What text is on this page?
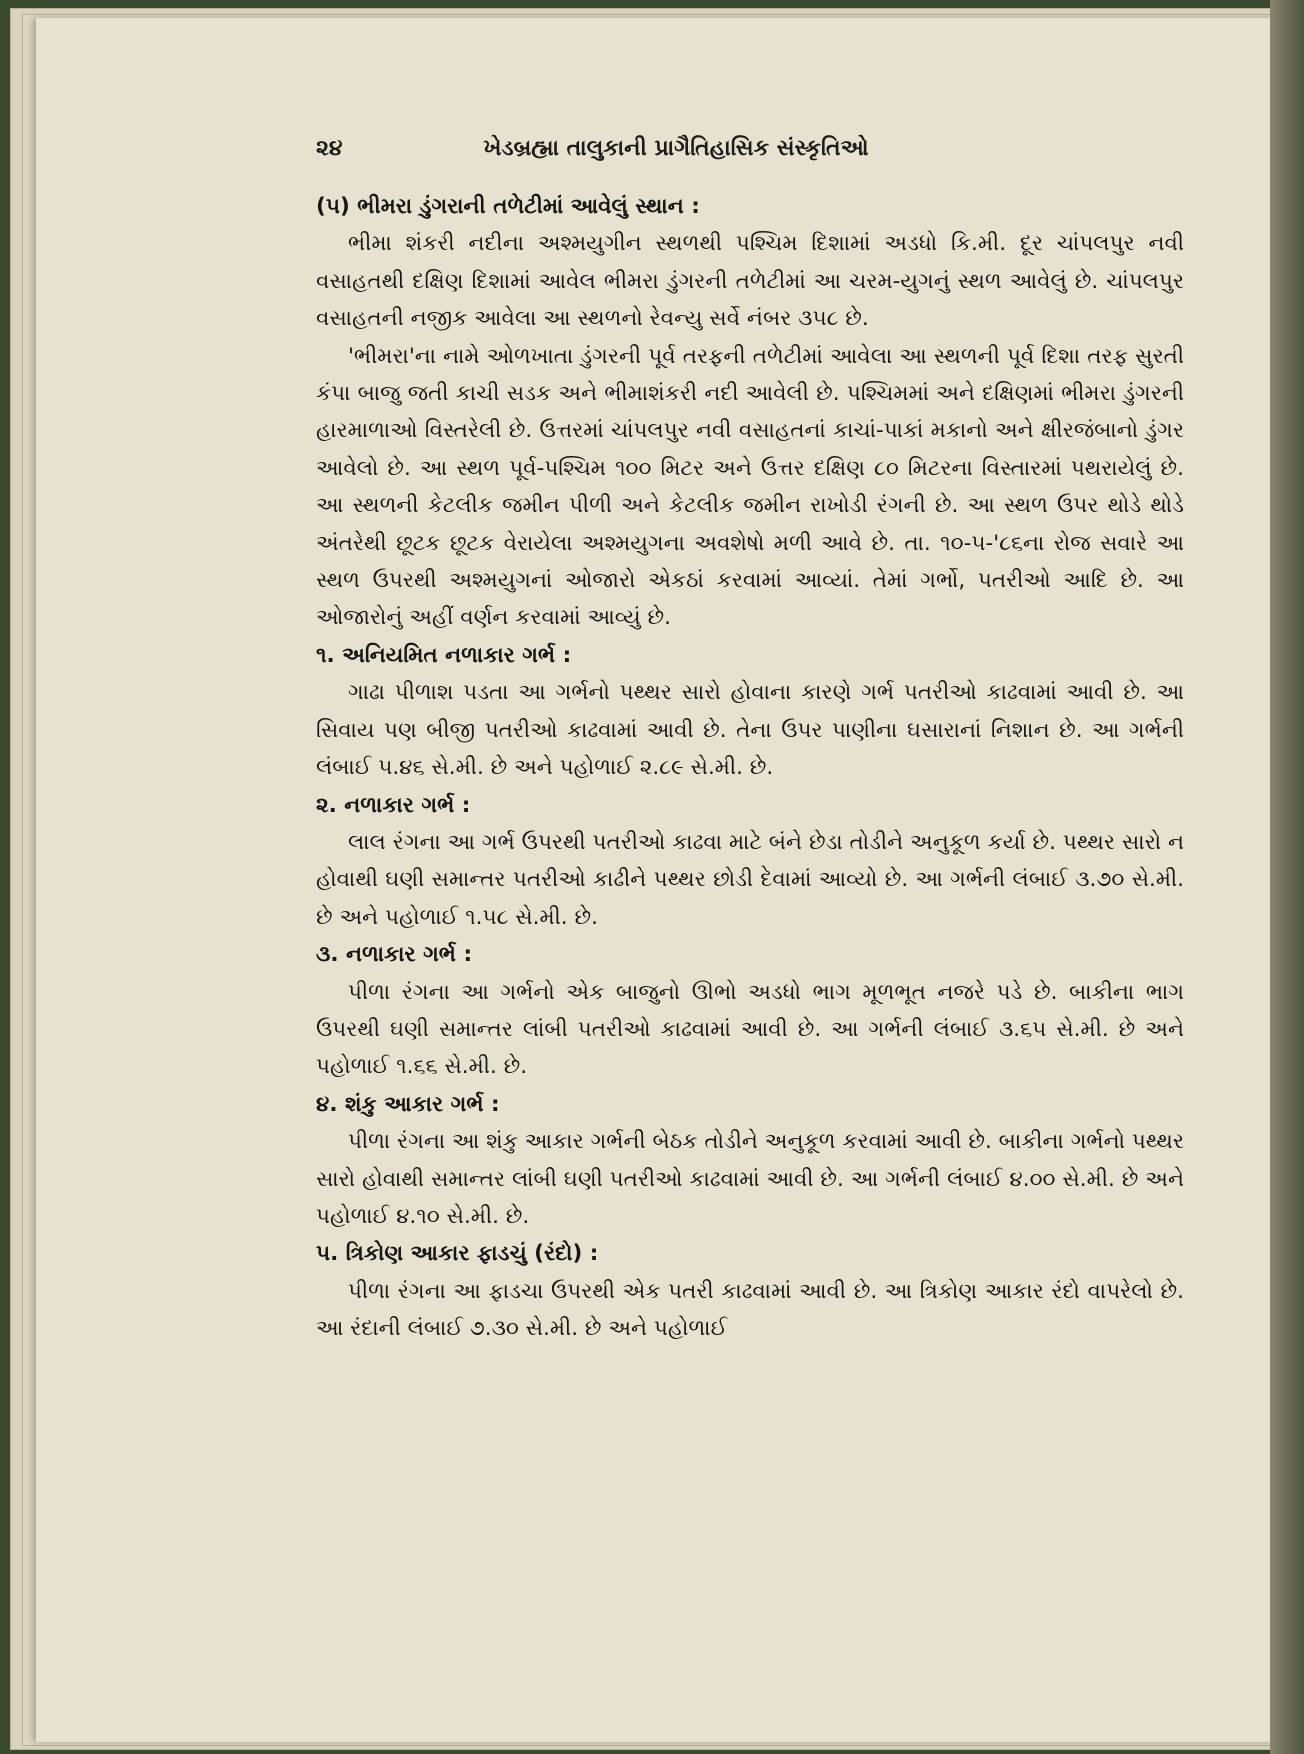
૨૪	ખેડબ્રહ્મા તાલુકાની પ્રાગૈતિહાસિક સંસ્કૃતિઓ

(૫) ભીમરા ડુંગરાની તળેટીમાં આવેલું સ્થાન :

ભીમા શંકરી નદીના અશ્મયુગીન સ્થળથી પશ્ચિમ દિશામાં અડધો કિ.મી. દૂર ચાંપલપુર નવી વસાહતથી દક્ષિણ દિશામાં આવેલ ભીમરા ડુંગરની તળેટીમાં આ ચરમ-યુગનું સ્થળ આવેલું છે. ચાંપલપુર વસાહતની નજીક આવેલા આ સ્થળનો રેવન્યુ સર્વે નંબર ૩૫૮ છે.

'ભીમરા'ના નામે ઓળખાતા ડુંગરની પૂર્વ તરફની તળેટીમાં આવેલા આ સ્થળની પૂર્વ દિશા તરફ સુરતી કંપા બાજુ જતી કાચી સડક અને ભીમાશંકરી નદી આવેલી છે. પશ્ચિમમાં અને દક્ષિણમાં ભીમરા ડુંગરની હારમાળાઓ વિસ્તરેલી છે. ઉત્તરમાં ચાંપલપુર નવી વસાહતનાં કાચાં-પાકાં મકાનો અને ક્ષીરજંબાનો ડુંગર આવેલો છે. આ સ્થળ પૂર્વ-પશ્ચિમ ૧૦૦ મિટર અને ઉત્તર દક્ષિણ ૮૦ મિટરના વિસ્તારમાં પથરાયેલું છે. આ સ્થળની કેટલીક જમીન પીળી અને કેટલીક જમીન રાખોડી રંગની છે. આ સ્થળ ઉપર થોડે થોડે અંતરેથી છૂટક છૂટક વેરાયેલા અશ્મયુગના અવશેષો મળી આવે છે. તા. ૧૦-૫-'૮૬ના રોજ સવારે આ સ્થળ ઉપરથી અશ્મયુગનાં ઓજારો એકઠાં કરવામાં આવ્યાં. તેમાં ગર્ભો, પતરીઓ આદિ છે. આ ઓજારોનું અહીં વર્ણન કરવામાં આવ્યું છે.

૧. અનિયમિત નળાકાર ગર્ભ :

ગાઢા પીળાશ પડતા આ ગર્ભનો પથ્થર સારો હોવાના કારણે ગર્ભ પતરીઓ કાઢવામાં આવી છે. આ સિવાય પણ બીજી પતરીઓ કાઢવામાં આવી છે. તેના ઉપર પાણીના ઘસારાનાં નિશાન છે. આ ગર્ભની લંબાઈ ૫.૪૬ સે.મી. છે અને પહોળાઈ ૨.૮૯ સે.મી. છે.

૨. નળાકાર ગર્ભ :

લાલ રંગના આ ગર્ભ ઉપરથી પતરીઓ કાઢવા માટે બંને છેડા તોડીને અનુકૂળ કર્યા છે. પથ્થર સારો ન હોવાથી ઘણી સમાન્તર પતરીઓ કાઢીને પથ્થર છોડી દેવામાં આવ્યો છે. આ ગર્ભની લંબાઈ ૩.૭૦ સે.મી. છે અને પહોળાઈ ૧.૫૮ સે.મી. છે.

૩. નળાકાર ગર્ભ :

પીળા રંગના આ ગર્ભનો એક બાજુનો ઊભો અડધો ભાગ મૂળભૂત નજરે પડે છે. બાકીના ભાગ ઉપરથી ઘણી સમાન્તર લાંબી પતરીઓ કાઢવામાં આવી છે. આ ગર્ભની લંબાઈ ૩.૬૫ સે.મી. છે અને પહોળાઈ ૧.૬૬ સે.મી. છે.

૪. શંકુ આકાર ગર્ભ :

પીળા રંગના આ શંકુ આકાર ગર્ભની બેઠક તોડીને અનુકૂળ કરવામાં આવી છે. બાકીના ગર્ભનો પથ્થર સારો હોવાથી સમાન્તર લાંબી ઘણી પતરીઓ કાઢવામાં આવી છે. આ ગર્ભની લંબાઈ ૪.૦૦ સે.મી. છે અને પહોળાઈ ૪.૧૦ સે.મી. છે.

૫. ત્રિકોણ આકાર ફાડચું (રંદો) :

પીળા રંગના આ ફાડચા ઉપરથી એક પતરી કાઢવામાં આવી છે. આ ત્રિકોણ આકાર રંદો વાપરેલો છે. આ રંદાની લંબાઈ ૭.૩૦ સે.મી. છે અને પહોળાઈ
